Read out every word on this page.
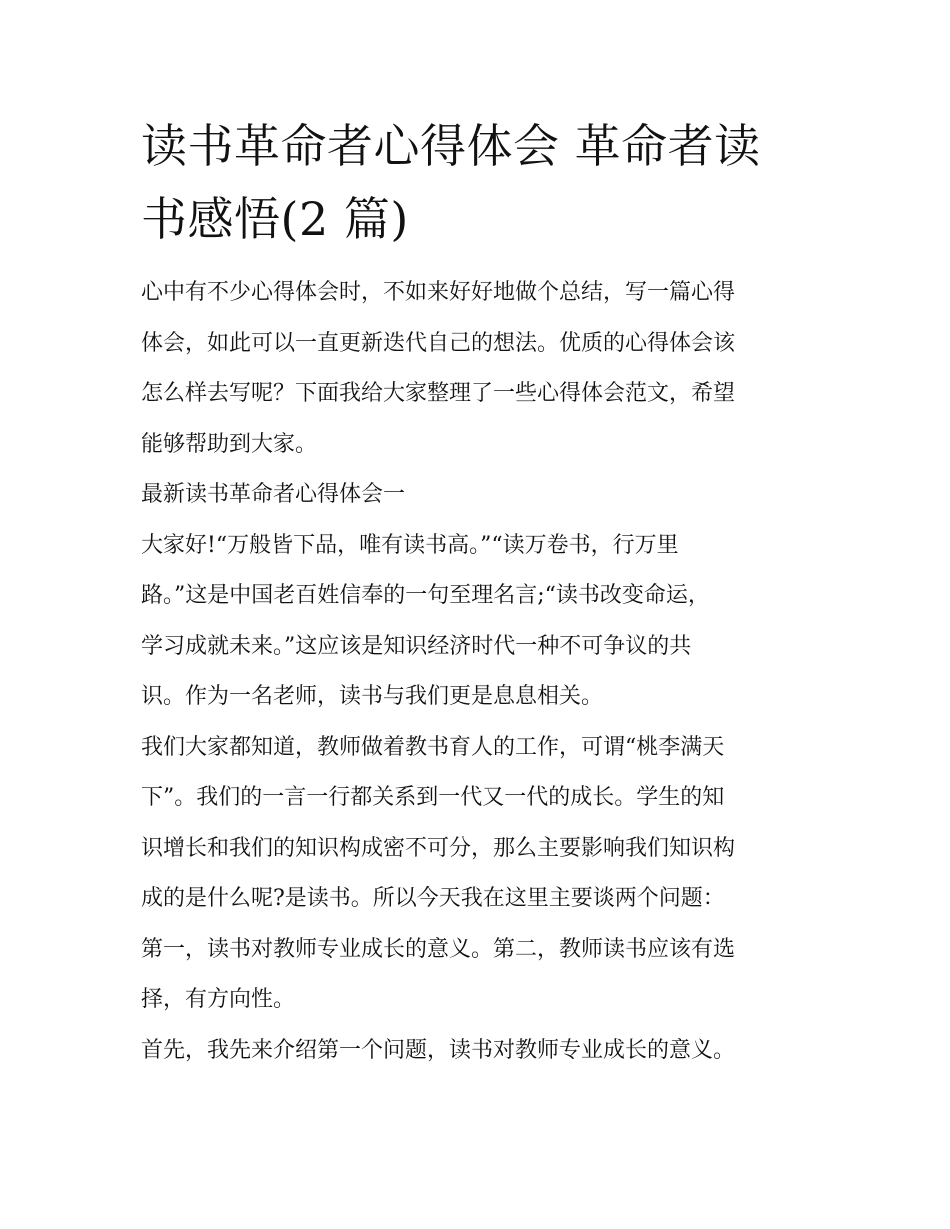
读书革命者心得体会 革命者读
书感悟(2 篇)

心中有不少心得体会时，不如来好好地做个总结，写一篇心得
体会，如此可以一直更新迭代自己的想法。优质的心得体会该
怎么样去写呢？下面我给大家整理了一些心得体会范文，希望
能够帮助到大家。

最新读书革命者心得体会一

大家好!“万般皆下品，唯有读书高。”“读万卷书，行万里
路。”这是中国老百姓信奉的一句至理名言;“读书改变命运，
学习成就未来。”这应该是知识经济时代一种不可争议的共
识。作为一名老师，读书与我们更是息息相关。

我们大家都知道，教师做着教书育人的工作，可谓“桃李满天
下”。我们的一言一行都关系到一代又一代的成长。学生的知
识增长和我们的知识构成密不可分，那么主要影响我们知识构
成的是什么呢?是读书。所以今天我在这里主要谈两个问题：
第一，读书对教师专业成长的意义。第二，教师读书应该有选
择，有方向性。

首先，我先来介绍第一个问题，读书对教师专业成长的意义。
